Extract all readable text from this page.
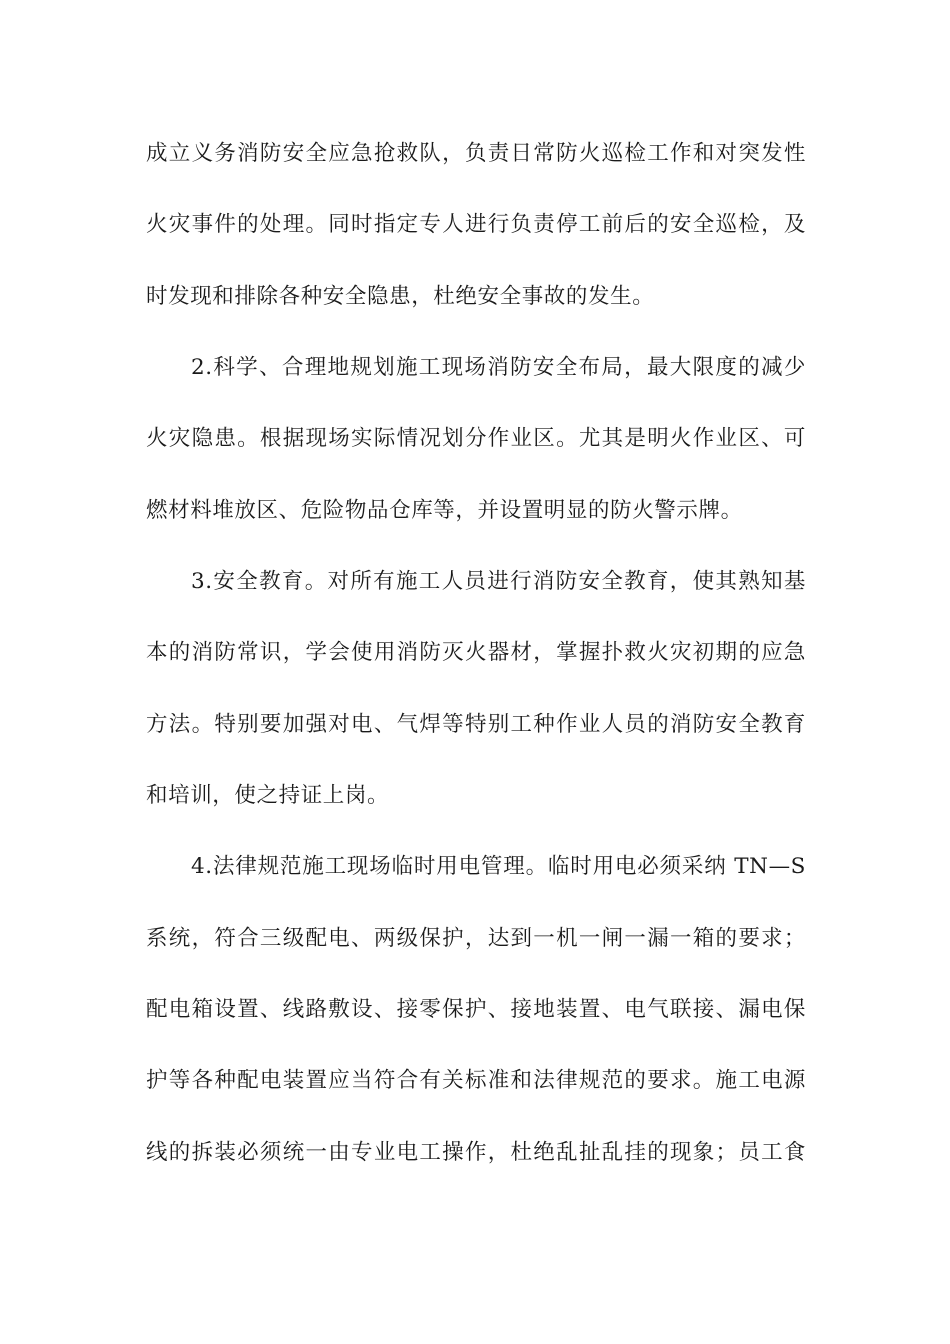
成立义务消防安全应急抢救队，负责日常防火巡检工作和对突发性
火灾事件的处理。同时指定专人进行负责停工前后的安全巡检，及
时发现和排除各种安全隐患，杜绝安全事故的发生。
2.科学、合理地规划施工现场消防安全布局，最大限度的减少
火灾隐患。根据现场实际情况划分作业区。尤其是明火作业区、可
燃材料堆放区、危险物品仓库等，并设置明显的防火警示牌。
3.安全教育。对所有施工人员进行消防安全教育，使其熟知基
本的消防常识，学会使用消防灭火器材，掌握扑救火灾初期的应急
方法。特别要加强对电、气焊等特别工种作业人员的消防安全教育
和培训，使之持证上岗。
4.法律规范施工现场临时用电管理。临时用电必须采纳 TN—S
系统，符合三级配电、两级保护，达到一机一闸一漏一箱的要求；
配电箱设置、线路敷设、接零保护、接地装置、电气联接、漏电保
护等各种配电装置应当符合有关标准和法律规范的要求。施工电源
线的拆装必须统一由专业电工操作，杜绝乱扯乱挂的现象；员工食
